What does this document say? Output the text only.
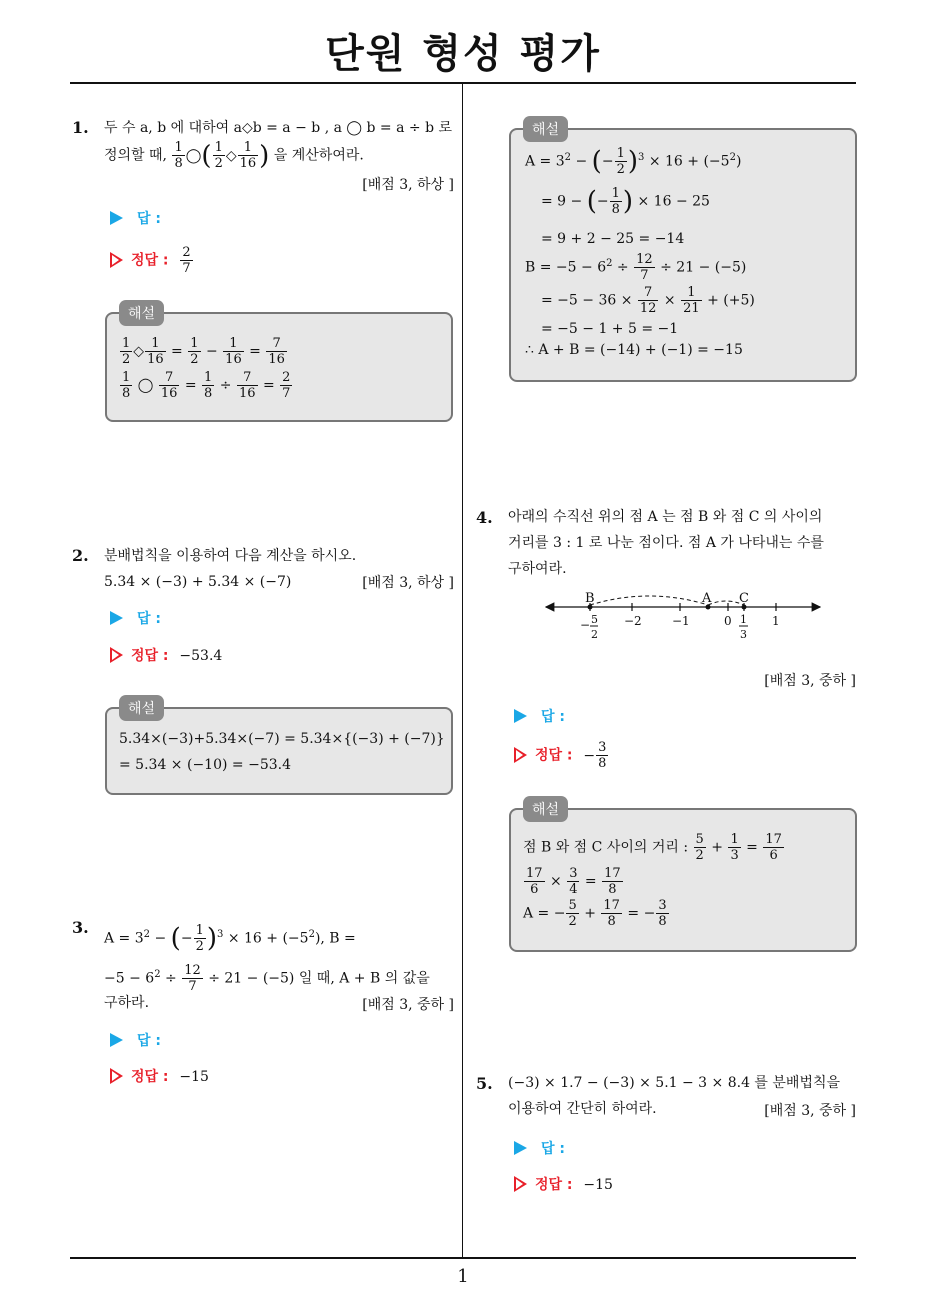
단원 형성 평가
1
1. 두 수 a, b 에 대하여 a◇b = a − b , a ◯ b = a ÷ b 로
정의할 때, $\frac{1}{8}$ ◯( $\frac{1}{2}$ ◇ $\frac{1}{16}$ ) 을 계산하여라.
[배점 3, 하상 ]
답 :
정답 : $\frac{2}{7}$
해설
$\frac{1}{2}$ ◇ $\frac{1}{16} = \frac{1}{2} - \frac{1}{16} = \frac{7}{16}$
$\frac{1}{8}$ ◯ $\frac{7}{16} = \frac{1}{8} \div \frac{7}{16} = \frac{2}{7}$
2. 분배법칙을 이용하여 다음 계산을 하시오.
5.34 × (−3) + 5.34 × (−7)	[배점 3, 하상 ]
답 :
정답 : −53.4
해설
5.34×(−3)+5.34×(−7) = 5.34×{(−3) + (−7)}
= 5.34 × (−10) = −53.4
3.
$A = 3^2$ − (− $\frac{1}{2} )^3 \times 16 + (-5^2)$, B =
$-5 - 6^2 \div \frac{12}{7} \div 21 - (-5)$ 일 때, A + B 의 값을
구하라.	[배점 3, 중하 ]
답 :
정답 : −15
해설
$A = 3^2$ − (− $\frac{1}{2} )^3 \times 16 + (-5^2)$
= 9 − (− $\frac{1}{8}$ ) × 16 − 25
= 9 + 2 − 25 = −14
$B = -5 - 6^2 \div \frac{12}{7} \div 21 - (-5)$
= $-5 - 36 \times \frac{7}{12} \times \frac{1}{21} + (+5)$
= −5 − 1 + 5 = −1
∴ A + B = (−14) + (−1) = −15
4. 아래의 수직선 위의 점 A 는 점 B 와 점 C 의 사이의
거리를 3 : 1 로 나눈 점이다. 점 A 가 나타내는 수를
구하여라.
B	A C
− 5
2
−2	−1	0 1
3
1
[배점 3, 중하 ]
답 :
정답 : − $\frac{3}{8}$
해설
점 B 와 점 C 사이의 거리 : $\frac{5}{2} + \frac{1}{3} = \frac{17}{6}$
$\frac{17}{6} \times \frac{3}{4} = \frac{17}{8}$
A = − $\frac{5}{2} + \frac{17}{8}$ = − $\frac{3}{8}$
5. (−3) × 1.7 − (−3) × 5.1 − 3 × 8.4 를 분배법칙을
이용하여 간단히 하여라.	[배점 3, 중하 ]
답 :
정답 : −15
